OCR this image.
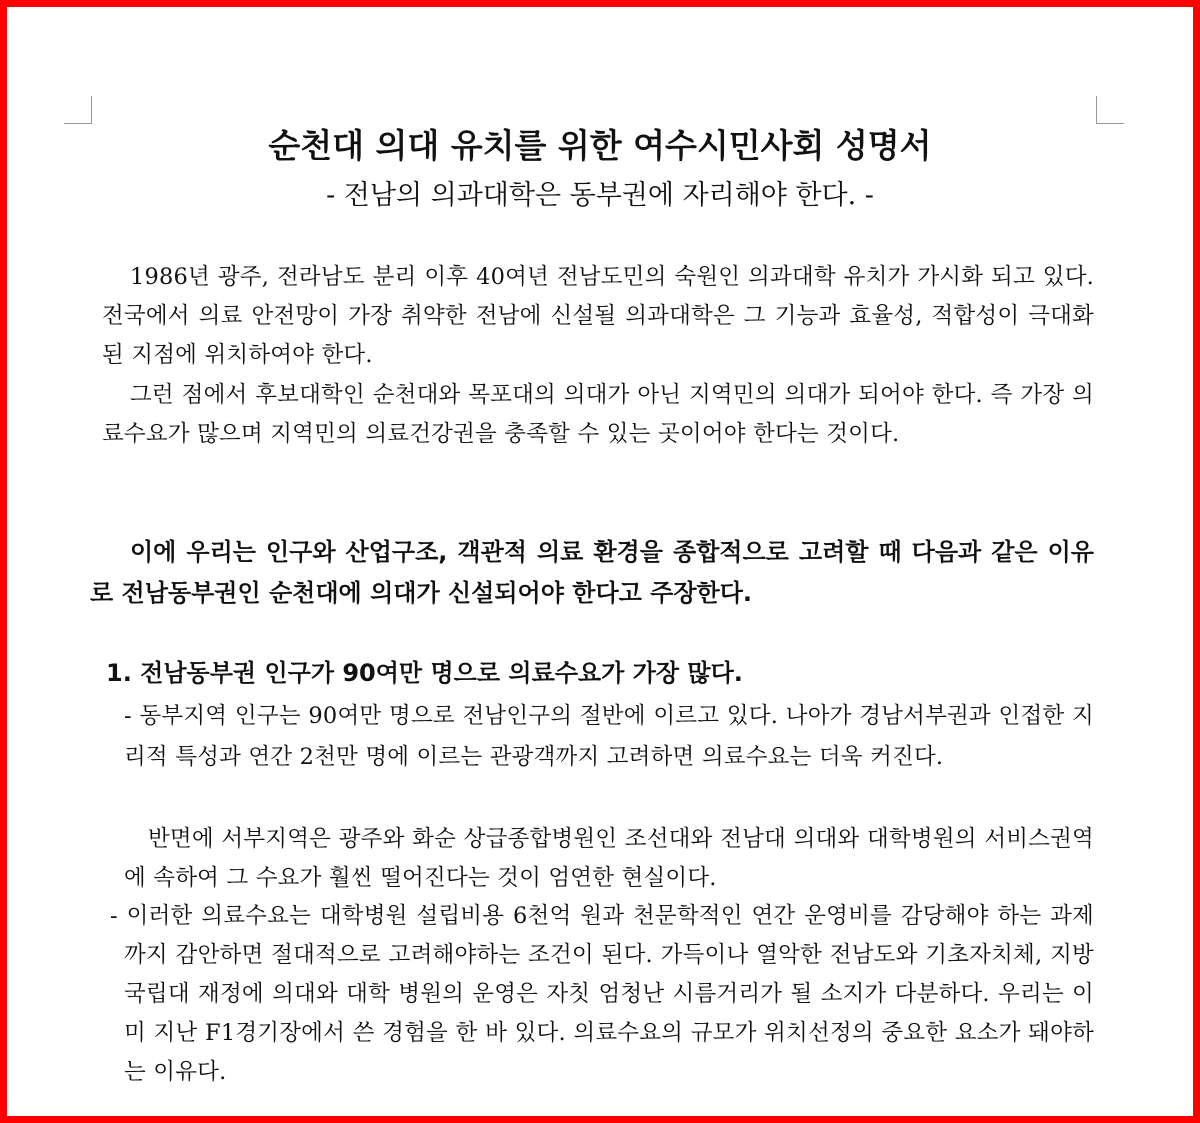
순천대 의대 유치를 위한 여수시민사회 성명서
- 전남의 의과대학은 동부권에 자리해야 한다. -

1986년 광주, 전라남도 분리 이후 40여년 전남도민의 숙원인 의과대학 유치가 가시화 되고 있다. 전국에서 의료 안전망이 가장 취약한 전남에 신설될 의과대학은 그 기능과 효율성, 적합성이 극대화된 지점에 위치하여야 한다.

그런 점에서 후보대학인 순천대와 목포대의 의대가 아닌 지역민의 의대가 되어야 한다. 즉 가장 의료수요가 많으며 지역민의 의료건강권을 충족할 수 있는 곳이어야 한다는 것이다.

이에 우리는 인구와 산업구조, 객관적 의료 환경을 종합적으로 고려할 때 다음과 같은 이유로 전남동부권인 순천대에 의대가 신설되어야 한다고 주장한다.

1. 전남동부권 인구가 90여만 명으로 의료수요가 가장 많다.

- 동부지역 인구는 90여만 명으로 전남인구의 절반에 이르고 있다. 나아가 경남서부권과 인접한 지리적 특성과 연간 2천만 명에 이르는 관광객까지 고려하면 의료수요는 더욱 커진다.

반면에 서부지역은 광주와 화순 상급종합병원인 조선대와 전남대 의대와 대학병원의 서비스권역에 속하여 그 수요가 훨씬 떨어진다는 것이 엄연한 현실이다.

- 이러한 의료수요는 대학병원 설립비용 6천억 원과 천문학적인 연간 운영비를 감당해야 하는 과제까지 감안하면 절대적으로 고려해야하는 조건이 된다. 가득이나 열악한 전남도와 기초자치체, 지방국립대 재정에 의대와 대학 병원의 운영은 자칫 엄청난 시름거리가 될 소지가 다분하다. 우리는 이미 지난 F1경기장에서 쓴 경험을 한 바 있다. 의료수요의 규모가 위치선정의 중요한 요소가 돼야하는 이유다.
